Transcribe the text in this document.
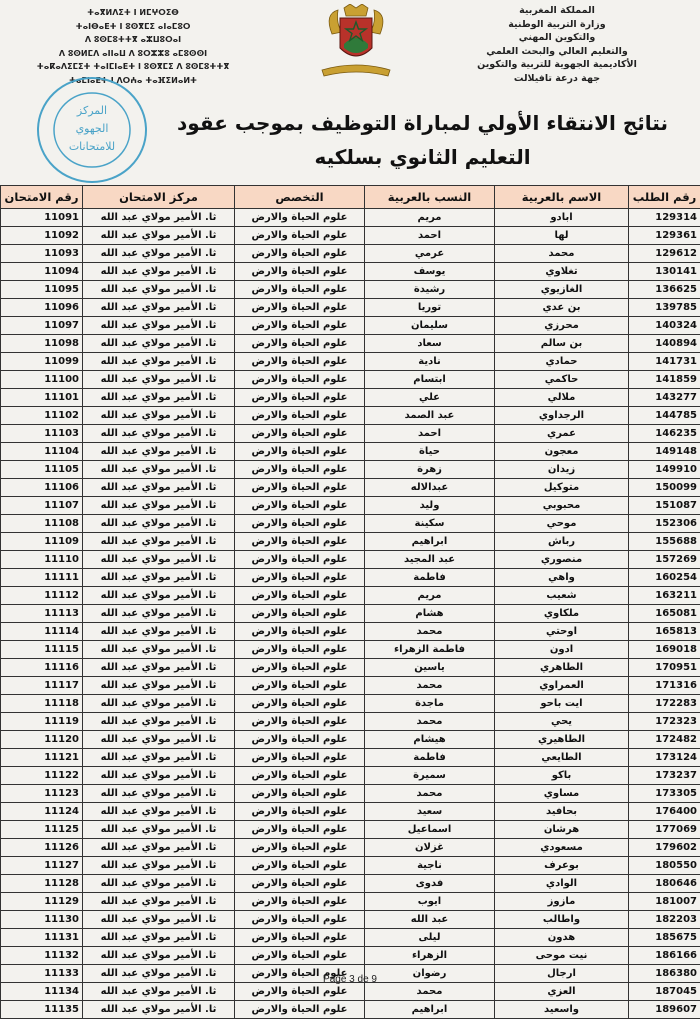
ⵜⴰⴳⵍⴷⵉⵜ ⵏ ⵍⵎⵖⵔⵉⴱ
ⵜⴰⵏⴱⴰⴹⵜ ⵏ ⵓⵙⴳⵎⵉ ⴰⵏⴰⵎⵓⵔ
ⴷ ⵓⵙⵎⵓⵜⵜⴳ ⴰⵣⵡⵓⵔⴰⵏ
ⴷ ⵓⵙⵍⵎⴷ ⴰⵏⵏⴰⵡ ⴷ ⵓⵔⵣⵣⵓ ⴰⵎⵓⵙⵙⵏ
ⵜⴰⴽⴰⴷⵉⵎⵉⵜ ⵜⴰⵏⵎⵏⴰⴹⵜ ⵏ ⵓⵙⴳⵎⵉ ⴷ ⵓⵙⵎⵓⵜⵜⴳ
ⵜⴰⵎⵏⴰⴹⵜ ⵏ ⴷⵔⵄⴰ ⵜⴰⴼⵉⵍⴰⵍⵜ
المملكة المغربية
وزارة التربية الوطنية
والتكوين المهني
والتعليم العالي والبحث العلمي
الأكاديمية الجهوية للتربية والتكوين
جهة درعة تافيلالت
المركز
الجهوي
للامتحانات
نتائج الانتقاء الأولي لمباراة التوظيف بموجب عقود
التعليم الثانوي بسلكيه
رقم الطلب	الاسم بالعربية	النسب بالعربية	التخصص	مركز الامتحان	رقم الامتحان
129314	ابادو	مريم	علوم الحياة والارض	ثا. الأمير مولاي عبد الله	11091
129361	لها	احمد	علوم الحياة والارض	ثا. الأمير مولاي عبد الله	11092
129612	محمد	عرمي	علوم الحياة والارض	ثا. الأمير مولاي عبد الله	11093
130141	تغلاوي	يوسف	علوم الحياة والارض	ثا. الأمير مولاي عبد الله	11094
136625	الغازيوي	رشيدة	علوم الحياة والارض	ثا. الأمير مولاي عبد الله	11095
139785	بن عدي	توريا	علوم الحياة والارض	ثا. الأمير مولاي عبد الله	11096
140324	محرزي	سليمان	علوم الحياة والارض	ثا. الأمير مولاي عبد الله	11097
140894	بن سالم	سعاد	علوم الحياة والارض	ثا. الأمير مولاي عبد الله	11098
141731	حمادي	نادية	علوم الحياة والارض	ثا. الأمير مولاي عبد الله	11099
141859	حاكمي	ابتسام	علوم الحياة والارض	ثا. الأمير مولاي عبد الله	11100
143277	ملالي	علي	علوم الحياة والارض	ثا. الأمير مولاي عبد الله	11101
144785	الرجداوي	عبد الصمد	علوم الحياة والارض	ثا. الأمير مولاي عبد الله	11102
146235	عمري	احمد	علوم الحياة والارض	ثا. الأمير مولاي عبد الله	11103
149148	معجون	حياة	علوم الحياة والارض	ثا. الأمير مولاي عبد الله	11104
149910	زيدان	زهرة	علوم الحياة والارض	ثا. الأمير مولاي عبد الله	11105
150099	متوكيل	عبدالاله	علوم الحياة والارض	ثا. الأمير مولاي عبد الله	11106
151087	محبوبي	وليد	علوم الحياة والارض	ثا. الأمير مولاي عبد الله	11107
152306	موحي	سكينة	علوم الحياة والارض	ثا. الأمير مولاي عبد الله	11108
155688	رباش	ابراهيم	علوم الحياة والارض	ثا. الأمير مولاي عبد الله	11109
157269	منصوري	عبد المجيد	علوم الحياة والارض	ثا. الأمير مولاي عبد الله	11110
160254	واهي	فاطمة	علوم الحياة والارض	ثا. الأمير مولاي عبد الله	11111
163211	شعيب	مريم	علوم الحياة والارض	ثا. الأمير مولاي عبد الله	11112
165081	ملكاوي	هشام	علوم الحياة والارض	ثا. الأمير مولاي عبد الله	11113
165813	اوحتي	محمد	علوم الحياة والارض	ثا. الأمير مولاي عبد الله	11114
169018	ادون	فاطمة الزهراء	علوم الحياة والارض	ثا. الأمير مولاي عبد الله	11115
170951	الطاهري	ياسين	علوم الحياة والارض	ثا. الأمير مولاي عبد الله	11116
171316	العمراوي	محمد	علوم الحياة والارض	ثا. الأمير مولاي عبد الله	11117
172283	ايت باحو	ماجدة	علوم الحياة والارض	ثا. الأمير مولاي عبد الله	11118
172323	يحي	محمد	علوم الحياة والارض	ثا. الأمير مولاي عبد الله	11119
172482	الطاهيري	هيشام	علوم الحياة والارض	ثا. الأمير مولاي عبد الله	11120
173124	الطايعي	فاطمة	علوم الحياة والارض	ثا. الأمير مولاي عبد الله	11121
173237	باكو	سميرة	علوم الحياة والارض	ثا. الأمير مولاي عبد الله	11122
173305	مساوي	محمد	علوم الحياة والارض	ثا. الأمير مولاي عبد الله	11123
176400	بحافيد	سعيد	علوم الحياة والارض	ثا. الأمير مولاي عبد الله	11124
177069	هرشان	اسماعيل	علوم الحياة والارض	ثا. الأمير مولاي عبد الله	11125
179602	مسعودي	غزلان	علوم الحياة والارض	ثا. الأمير مولاي عبد الله	11126
180550	بوعرف	ناجية	علوم الحياة والارض	ثا. الأمير مولاي عبد الله	11127
180646	الوادي	فدوى	علوم الحياة والارض	ثا. الأمير مولاي عبد الله	11128
181007	مازوز	ايوب	علوم الحياة والارض	ثا. الأمير مولاي عبد الله	11129
182203	واطالب	عبد الله	علوم الحياة والارض	ثا. الأمير مولاي عبد الله	11130
185675	هدون	ليلى	علوم الحياة والارض	ثا. الأمير مولاي عبد الله	11131
186166	نيت موحى	الزهراء	علوم الحياة والارض	ثا. الأمير مولاي عبد الله	11132
186380	ارجال	رضوان	علوم الحياة والارض	ثا. الأمير مولاي عبد الله	11133
187045	العزي	محمد	علوم الحياة والارض	ثا. الأمير مولاي عبد الله	11134
189607	واسعيد	ابراهيم	علوم الحياة والارض	ثا. الأمير مولاي عبد الله	11135
Page 3 de 9
